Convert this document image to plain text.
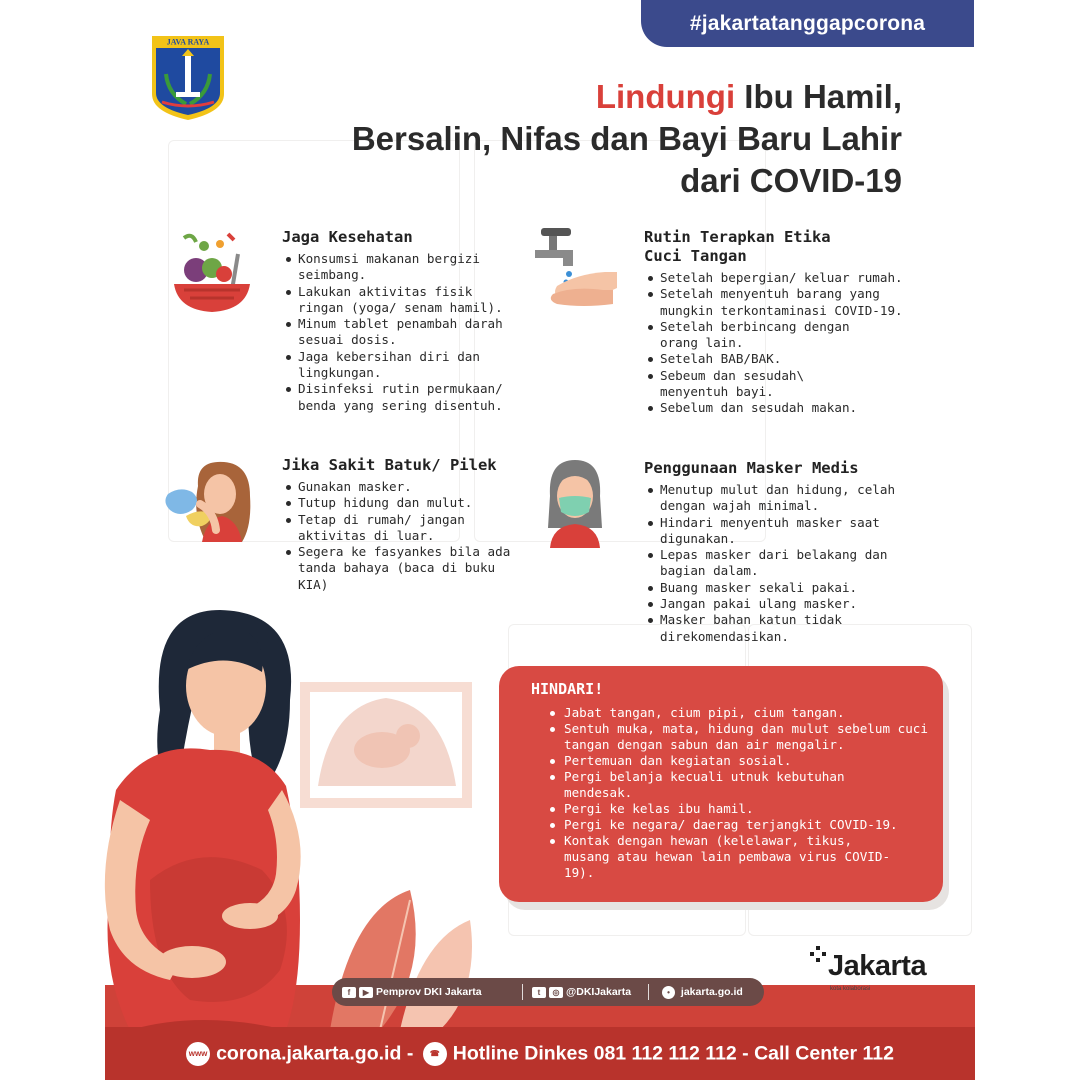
#jakartatanggapcorona
JAVA RAYA
Lindungi Ibu Hamil,
Bersalin, Nifas dan Bayi Baru Lahir
dari COVID-19
Jaga Kesehatan
Konsumsi makanan bergizi seimbang.
Lakukan aktivitas fisik ringan (yoga/ senam hamil).
Minum tablet penambah darah sesuai dosis.
Jaga kebersihan diri dan lingkungan.
Disinfeksi rutin permukaan/ benda yang sering disentuh.
Rutin Terapkan Etika Cuci Tangan
Setelah bepergian/ keluar rumah.
Setelah menyentuh barang yang mungkin terkontaminasi COVID-19.
Setelah berbincang dengan orang lain.
Setelah BAB/BAK.
Sebeum dan sesudah\ menyentuh bayi.
Sebelum dan sesudah makan.
Jika Sakit Batuk/ Pilek
Gunakan masker.
Tutup hidung dan mulut.
Tetap di rumah/ jangan aktivitas di luar.
Segera ke fasyankes bila ada tanda bahaya (baca di buku KIA)
Penggunaan Masker Medis
Menutup mulut dan hidung, celah dengan wajah minimal.
Hindari menyentuh masker saat digunakan.
Lepas masker dari belakang dan bagian dalam.
Buang masker sekali pakai.
Jangan pakai ulang masker.
Masker bahan katun tidak direkomendasikan.
HINDARI!
Jabat tangan, cium pipi, cium tangan.
Sentuh muka, mata, hidung dan mulut sebelum cuci tangan dengan sabun dan air mengalir.
Pertemuan dan kegiatan sosial.
Pergi belanja kecuali utnuk kebutuhan mendesak.
Pergi ke kelas ibu hamil.
Pergi ke negara/ daerag terjangkit COVID-19.
Kontak dengan hewan (kelelawar, tikus, musang atau hewan lain pembawa virus COVID-19).
Jakarta
kota kolaborasi
f ▶ Pemprov DKI Jakarta	t ◎ @DKIJakarta	• jakarta.go.id
www corona.jakarta.go.id - ☎ Hotline Dinkes 081 112 112 112 - Call Center 112
